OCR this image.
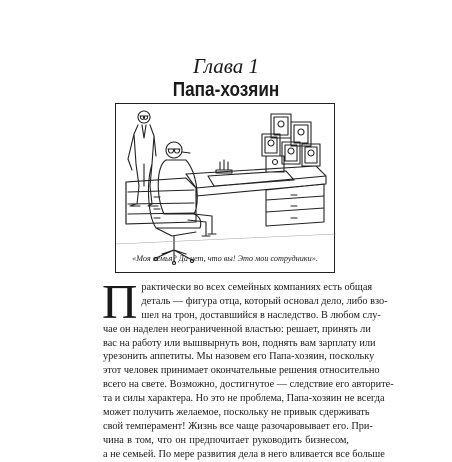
Глава 1
Папа-хозяин
«Моя семья? Да нет, что вы! Это мои сотрудники».
П рактически во всех семейных компаниях есть общая
деталь — фигура отца, который основал дело, либо взо-
шел на трон, доставшийся в наследство. В любом слу-
чае он наделен неограниченной властью: решает, принять ли
вас на работу или вышвырнуть вон, поднять вам зарплату или
урезонить аппетиты. Мы назовем его Папа-хозяин, поскольку
этот человек принимает окончательные решения относительно
всего на свете. Возможно, достигнутое — следствие его авторите-
та и силы характера. Но это не проблема, Папа-хозяин не всегда
может получить желаемое, поскольку не привык сдерживать
свой темперамент! Жизнь все чаще разочаровывает его. При-
чина в том, что он предпочитает руководить бизнесом,
а не семьей. По мере развития дела в него вливается все больше
